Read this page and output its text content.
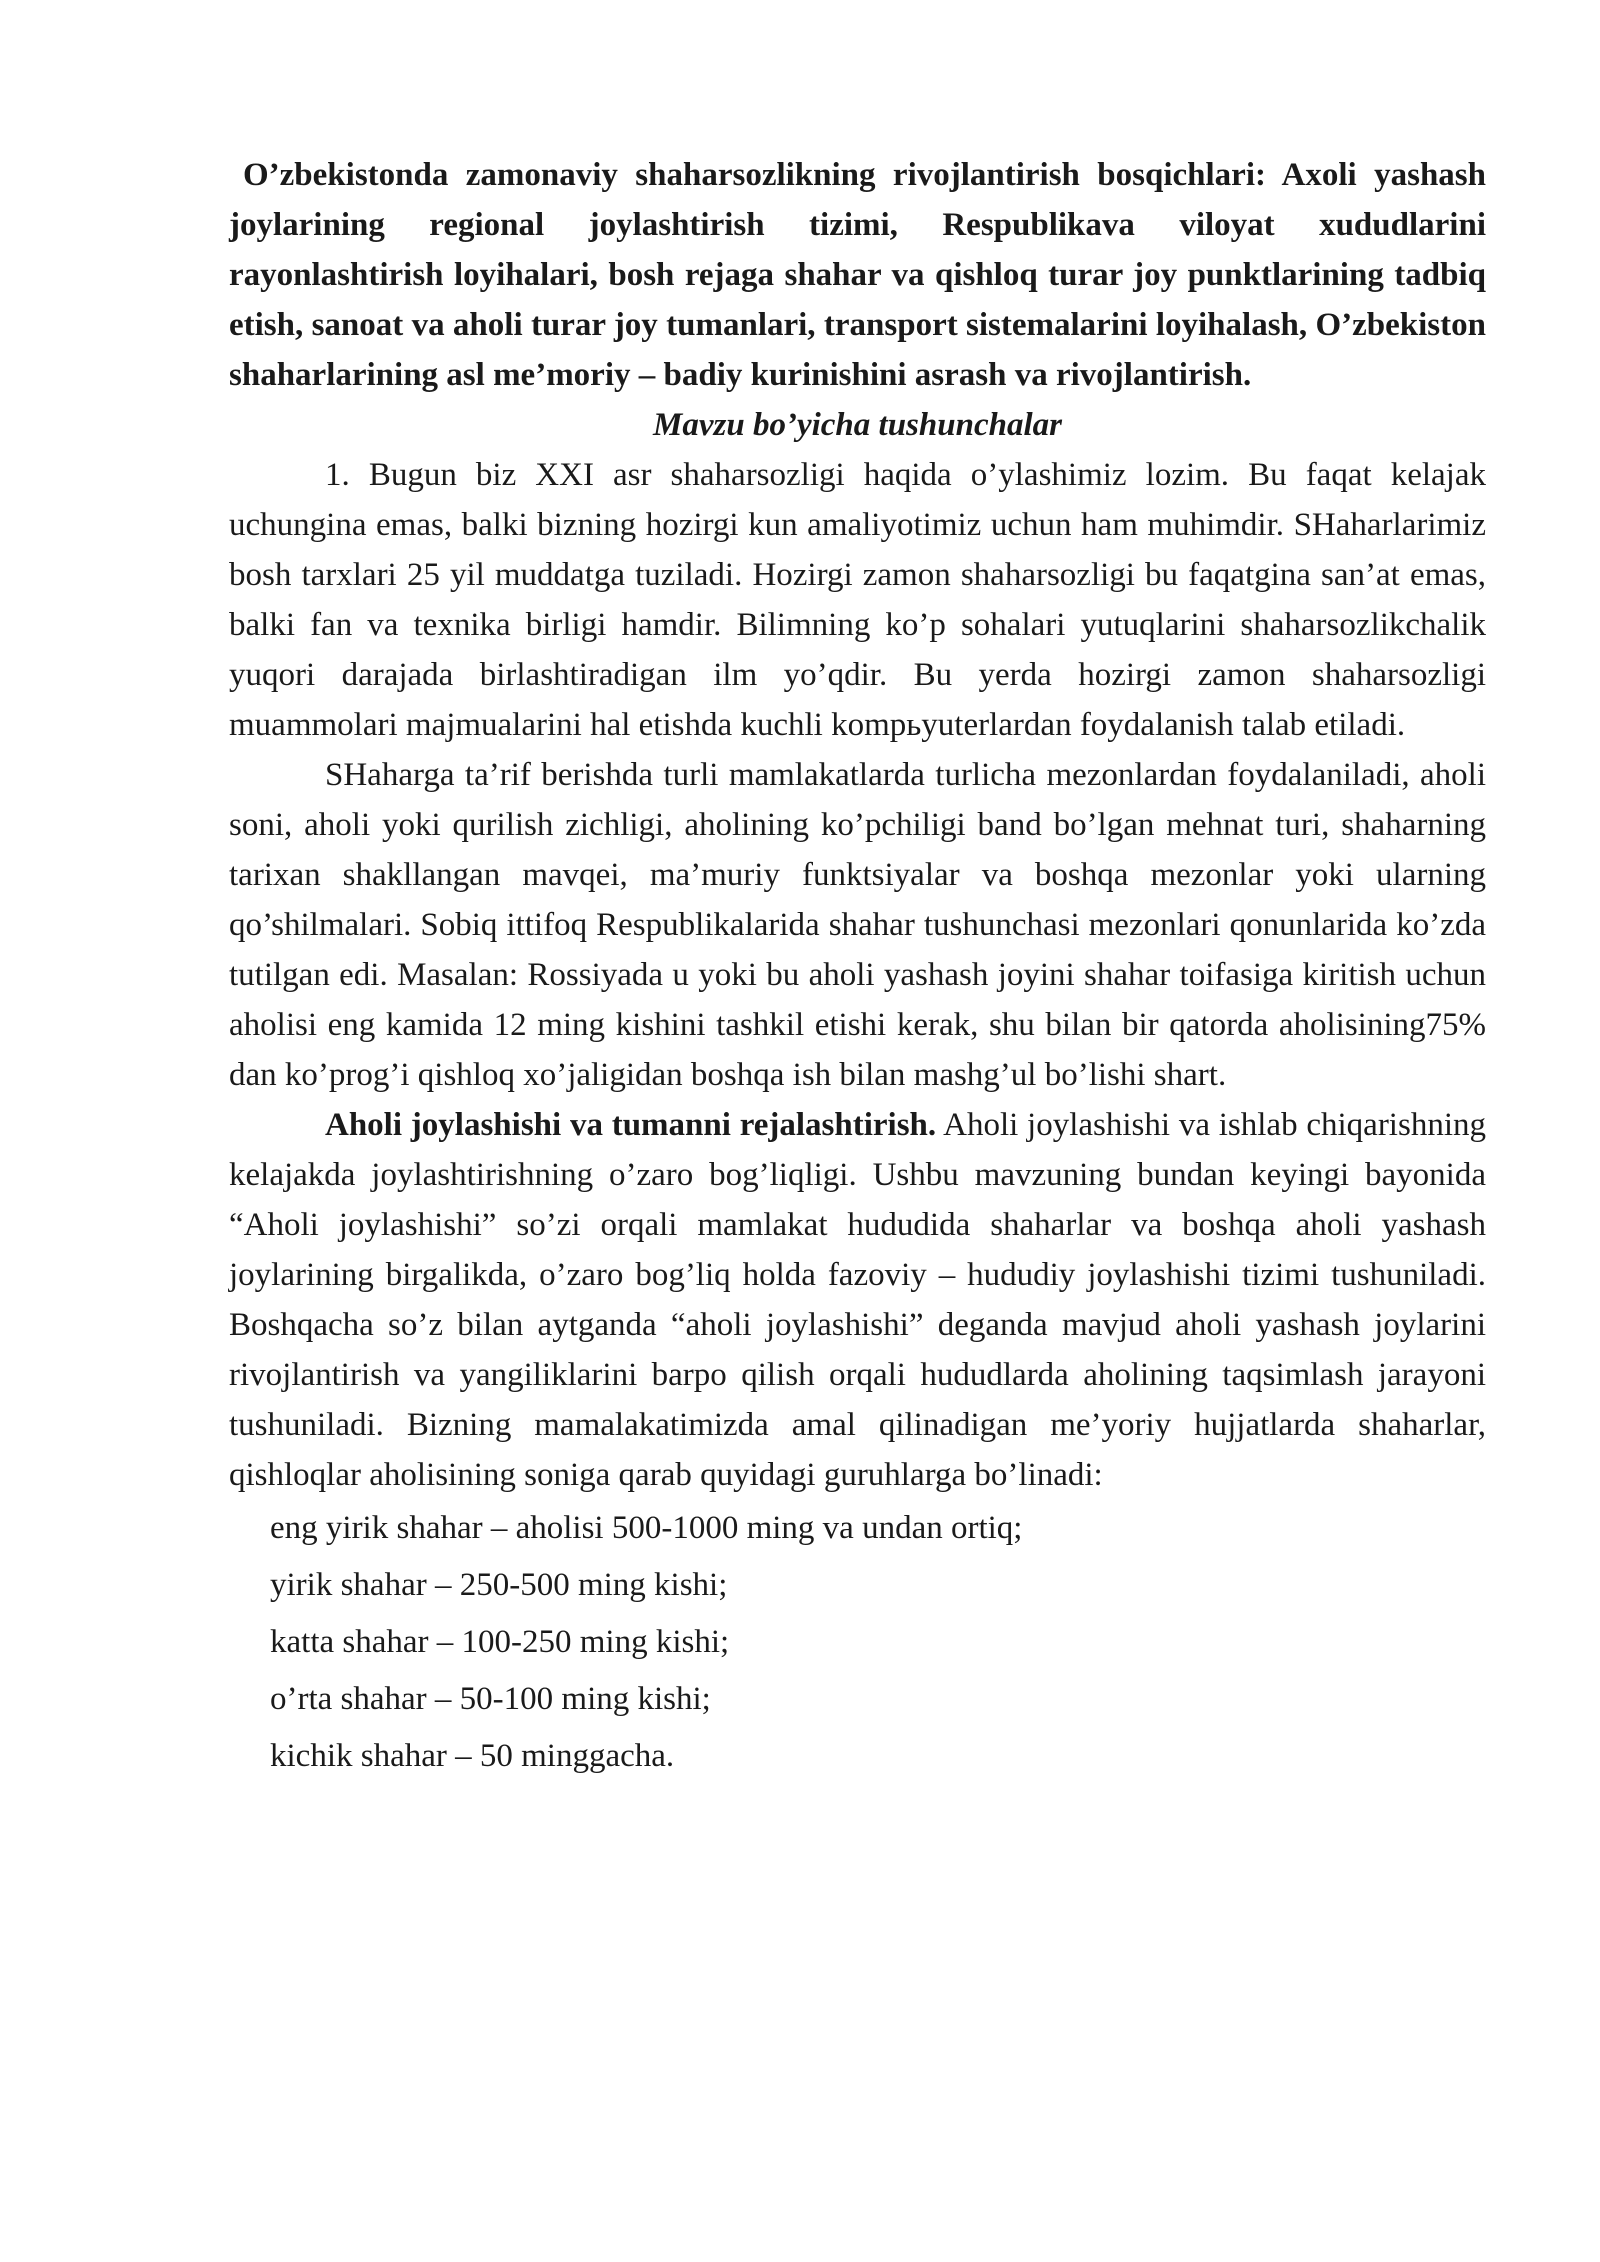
O’zbekistonda zamonaviy shaharsozlikning rivojlantirish bosqichlari: Axoli yashash joylarining regional joylashtirish tizimi, Respublikava viloyat xududlarini rayonlashtirish loyihalari, bosh rejaga shahar va qishloq turar joy punktlarining tadbiq etish, sanoat va aholi turar joy tumanlari, transport sistemalarini loyihalash, O’zbekiston shaharlarining asl me’moriy – badiy kurinishini asrash va rivojlantirish.

Mavzu bo’yicha tushunchalar

1. Bugun biz XXI asr shaharsozligi haqida o’ylashimiz lozim. Bu faqat kelajak uchungina emas, balki bizning hozirgi kun amaliyotimiz uchun ham muhimdir. SHaharlarimiz bosh tarxlari 25 yil muddatga tuziladi. Hozirgi zamon shaharsozligi bu faqatgina san’at emas, balki fan va texnika birligi hamdir. Bilimning ko’p sohalari yutuqlarini shaharsozlikchalik yuqori darajada birlashtiradigan ilm yo’qdir. Bu yerda hozirgi zamon shaharsozligi muammolari majmualarini hal etishda kuchli kompьyuterlardan foydalanish talab etiladi.

SHaharga ta’rif berishda turli mamlakatlarda turlicha mezonlardan foydalaniladi, aholi soni, aholi yoki qurilish zichligi, aholining ko’pchiligi band bo’lgan mehnat turi, shaharning tarixan shakllangan mavqei, ma’muriy funktsiyalar va boshqa mezonlar yoki ularning qo’shilmalari. Sobiq ittifoq Respublikalarida shahar tushunchasi mezonlari qonunlarida ko’zda tutilgan edi. Masalan: Rossiyada u yoki bu aholi yashash joyini shahar toifasiga kiritish uchun aholisi eng kamida 12 ming kishini tashkil etishi kerak, shu bilan bir qatorda aholisining75% dan ko’prog’i qishloq xo’jaligidan boshqa ish bilan mashg’ul bo’lishi shart.

Aholi joylashishi va tumanni rejalashtirish. Aholi joylashishi va ishlab chiqarishning kelajakda joylashtirishning o’zaro bog’liqligi. Ushbu mavzuning bundan keyingi bayonida “Aholi joylashishi” so’zi orqali mamlakat hududida shaharlar va boshqa aholi yashash joylarining birgalikda, o’zaro bog’liq holda fazoviy – hududiy joylashishi tizimi tushuniladi. Boshqacha so’z bilan aytganda “aholi joylashishi” deganda mavjud aholi yashash joylarini rivojlantirish va yangiliklarini barpo qilish orqali hududlarda aholining taqsimlash jarayoni tushuniladi. Bizning mamalakatimizda amal qilinadigan me’yoriy hujjatlarda shaharlar, qishloqlar aholisining soniga qarab quyidagi guruhlarga bo’linadi:

eng yirik shahar – aholisi 500-1000 ming va undan ortiq;
yirik shahar – 250-500 ming kishi;
katta shahar – 100-250 ming kishi;
o’rta shahar – 50-100 ming kishi;
kichik shahar – 50 minggacha.
